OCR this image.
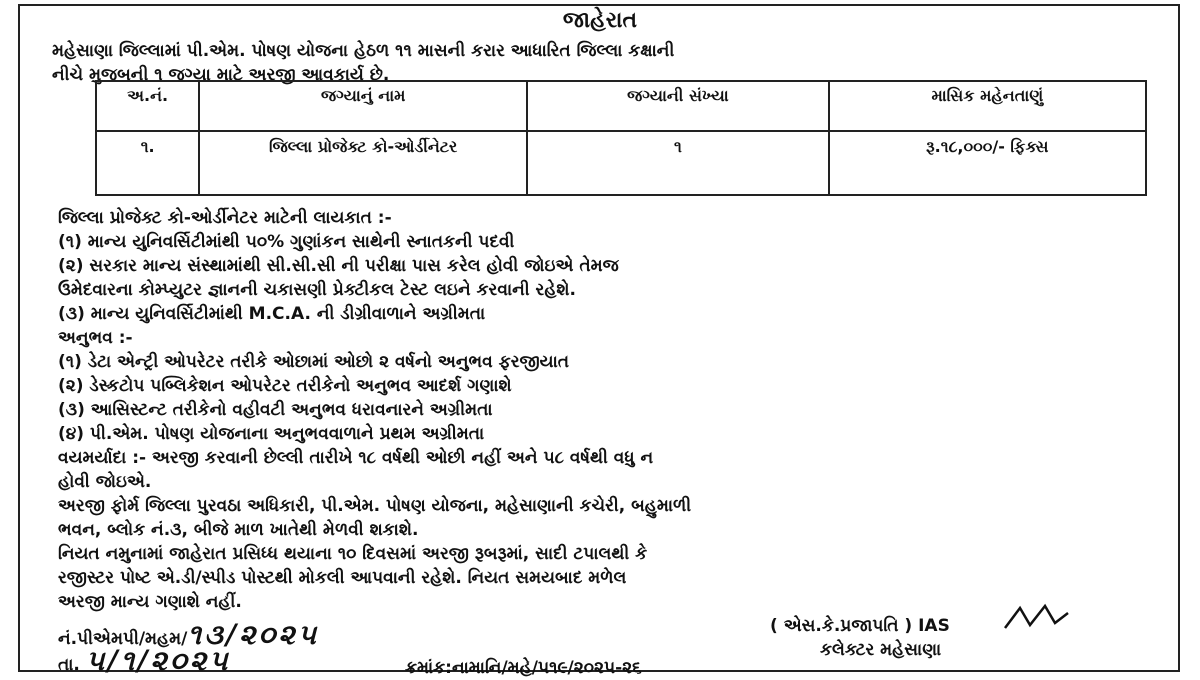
જાહેરાત
મહેસાણા જિલ્લામાં પી.એમ. પોષણ યોજના હેઠળ ૧૧ માસની કરાર આધારિત જિલ્લા કક્ષાની
નીચે મુજબની ૧ જગ્યા માટે અરજી આવકાર્ય છે.
અ.નં.	જગ્યાનું નામ	જગ્યાની સંખ્યા	માસિક મહેનતાણું
૧.	જિલ્લા પ્રોજેક્ટ કો-ઓર્ડીનેટર	૧	રૂ.૧૮,૦૦૦/- ફિક્સ
જિલ્લા પ્રોજેક્ટ કો-ઓર્ડીનેટર માટેની લાયકાત :-
(૧) માન્ય યુનિવર્સિટીમાંથી ૫૦% ગુણાંકન સાથેની સ્નાતકની પદવી
(૨) સરકાર માન્ય સંસ્થામાંથી સી.સી.સી ની પરીક્ષા પાસ કરેલ હોવી જોઇએ તેમજ
ઉમેદવારના કોમ્પ્યુટર જ્ઞાનની ચકાસણી પ્રેક્ટીકલ ટેસ્ટ લઇને કરવાની રહેશે.
(૩) માન્ય યુનિવર્સિટીમાંથી M.C.A. ની ડીગ્રીવાળાને અગ્રીમતા
અનુભવ :-
(૧) ડેટા એન્ટ્રી ઓપરેટર તરીકે ઓછામાં ઓછો ૨ વર્ષનો અનુભવ ફરજીયાત
(૨) ડેસ્કટોપ પબ્લિકેશન ઓપરેટર તરીકેનો અનુભવ આદર્શ ગણાશે
(૩) આસિસ્ટન્ટ તરીકેનો વહીવટી અનુભવ ધરાવનારને અગ્રીમતા
(૪) પી.એમ. પોષણ યોજનાના અનુભવવાળાને પ્રથમ અગ્રીમતા
વયમર્યાદા :- અરજી કરવાની છેલ્લી તારીખે ૧૮ વર્ષથી ઓછી નહીં અને ૫૮ વર્ષથી વધુ ન
હોવી જોઇએ.
અરજી ફોર્મ જિલ્લા પુરવઠા અધિકારી, પી.એમ. પોષણ યોજના, મહેસાણાની કચેરી, બહુમાળી
ભવન, બ્લોક નં.૩, બીજે માળ ખાતેથી મેળવી શકાશે.
નિયત નમુનામાં જાહેરાત પ્રસિધ્ધ થયાના ૧૦ દિવસમાં અરજી રૂબરૂમાં, સાદી ટપાલથી કે
રજીસ્ટર પોષ્ટ એ.ડી/સ્પીડ પોસ્ટથી મોકલી આપવાની રહેશે. નિયત સમયબાદ મળેલ
અરજી માન્ય ગણાશે નહીં.
નં.પીએમપી/મહમ/૧૩/૨૦૨૫
તા. ૫/૧/૨૦૨૫
( એસ.કે.પ્રજાપતિ ) IAS
કલેક્ટર મહેસાણા
ક્રમાંક:નામાનિ/મહે/૫૧૯/૨૦૨૫-૨૬
